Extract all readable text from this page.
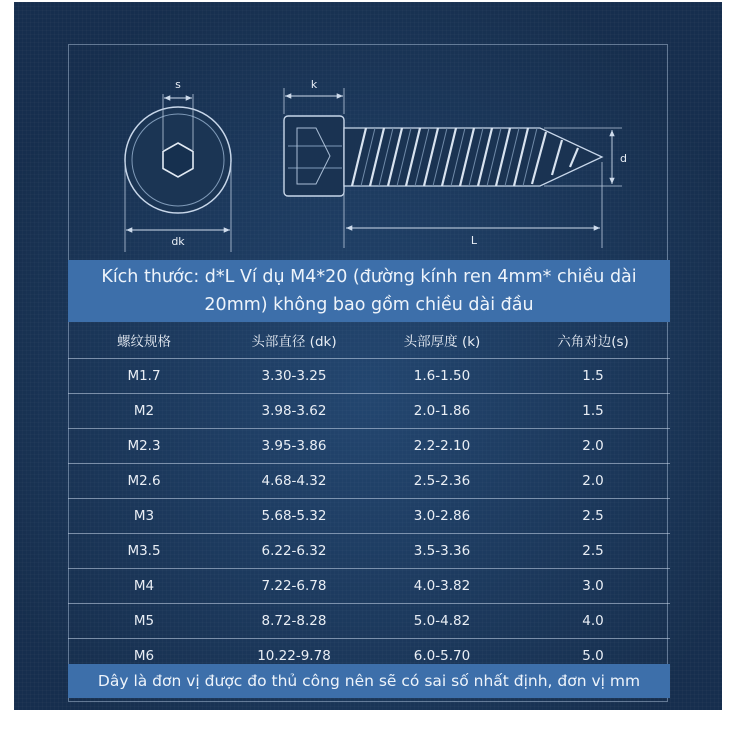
s
dk
k
d
L
Kích thước: d*L Ví dụ M4*20 (đường kính ren 4mm* chiều dài
20mm) không bao gồm chiều dài đầu
螺纹规格	头部直径 (dk)	头部厚度 (k)	六角对边(s)
M1.7	3.30-3.25	1.6-1.50	1.5
M2	3.98-3.62	2.0-1.86	1.5
M2.3	3.95-3.86	2.2-2.10	2.0
M2.6	4.68-4.32	2.5-2.36	2.0
M3	5.68-5.32	3.0-2.86	2.5
M3.5	6.22-6.32	3.5-3.36	2.5
M4	7.22-6.78	4.0-3.82	3.0
M5	8.72-8.28	5.0-4.82	4.0
M6	10.22-9.78	6.0-5.70	5.0
Dây là đơn vị được đo thủ công nên sẽ có sai số nhất định, đơn vị mm
